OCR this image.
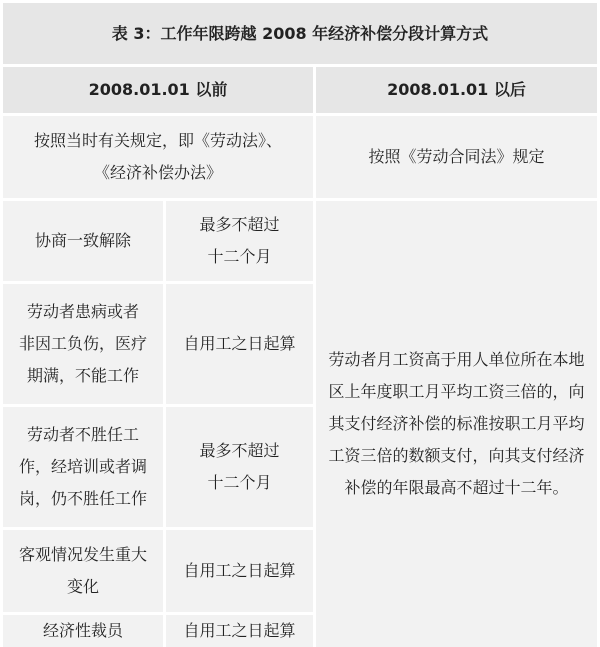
表 3：工作年限跨越 2008 年经济补偿分段计算方式
2008.01.01 以前	2008.01.01 以后
按照当时有关规定，即《劳动法》、
《经济补偿办法》
按照《劳动合同法》规定
协商一致解除
最多不超过
十二个月
劳动者患病或者
非因工负伤，医疗
期满，不能工作
自用工之日起算
劳动者不胜任工
作，经培训或者调
岗，仍不胜任工作
最多不超过
十二个月
客观情况发生重大
变化
自用工之日起算
经济性裁员	自用工之日起算
劳动者月工资高于用人单位所在本地
区上年度职工月平均工资三倍的，向
其支付经济补偿的标准按职工月平均
工资三倍的数额支付，向其支付经济
补偿的年限最高不超过十二年。
